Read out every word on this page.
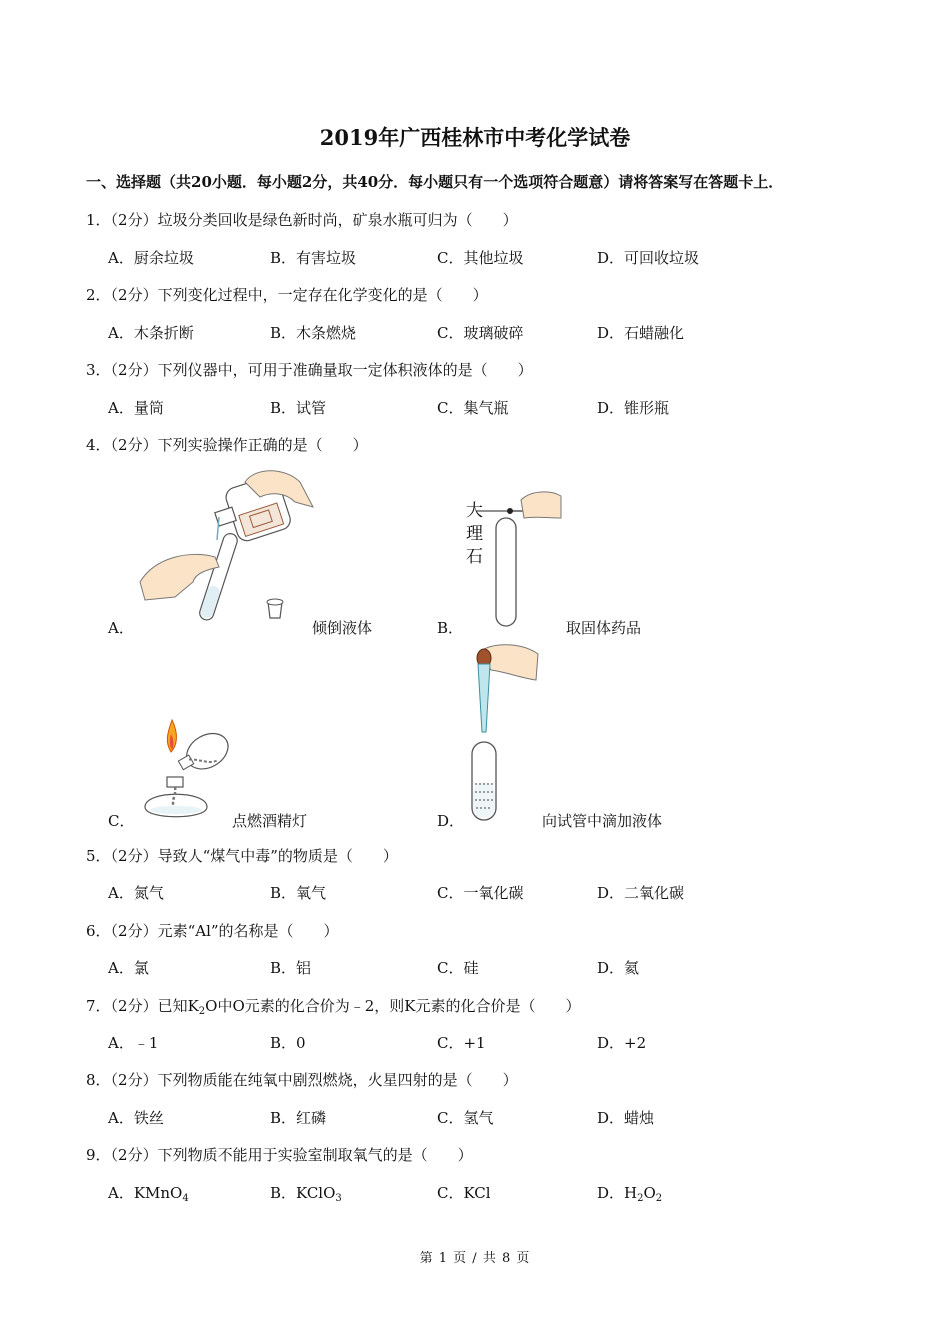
2019年广西桂林市中考化学试卷
一、选择题（共20小题．每小题2分，共40分．每小题只有一个选项符合题意）请将答案写在答题卡上．
1．（2分）垃圾分类回收是绿色新时尚，矿泉水瓶可归为（　　）
A．厨余垃圾	B．有害垃圾	C．其他垃圾	D．可回收垃圾
2．（2分）下列变化过程中，一定存在化学变化的是（　　）
A．木条折断	B．木条燃烧	C．玻璃破碎	D．石蜡融化
3．（2分）下列仪器中，可用于准确量取一定体积液体的是（　　）
A．量筒	B．试管	C．集气瓶	D．锥形瓶
4．（2分）下列实验操作正确的是（　　）
A．	倾倒液体	B．
大
理
石
取固体药品
C．	点燃酒精灯	D．	向试管中滴加液体
5．（2分）导致人“煤气中毒”的物质是（　　）
A．氮气	B．氧气	C．一氧化碳	D．二氧化碳
6．（2分）元素“Al”的名称是（　　）
A．氯	B．铝	C．硅	D．氦
7．（2分）已知$K_2O$中O元素的化合价为﹣2，则K元素的化合价是（　　）
A．﹣1	B．0	C．+1	D．+2
8．（2分）下列物质能在纯氧中剧烈燃烧，火星四射的是（　　）
A．铁丝	B．红磷	C．氢气	D．蜡烛
9．（2分）下列物质不能用于实验室制取氧气的是（　　）
A．KMnO$_4$	B．KClO$_3$	C．KCl	D．$H_2O_2$
第 1 页 / 共 8 页
